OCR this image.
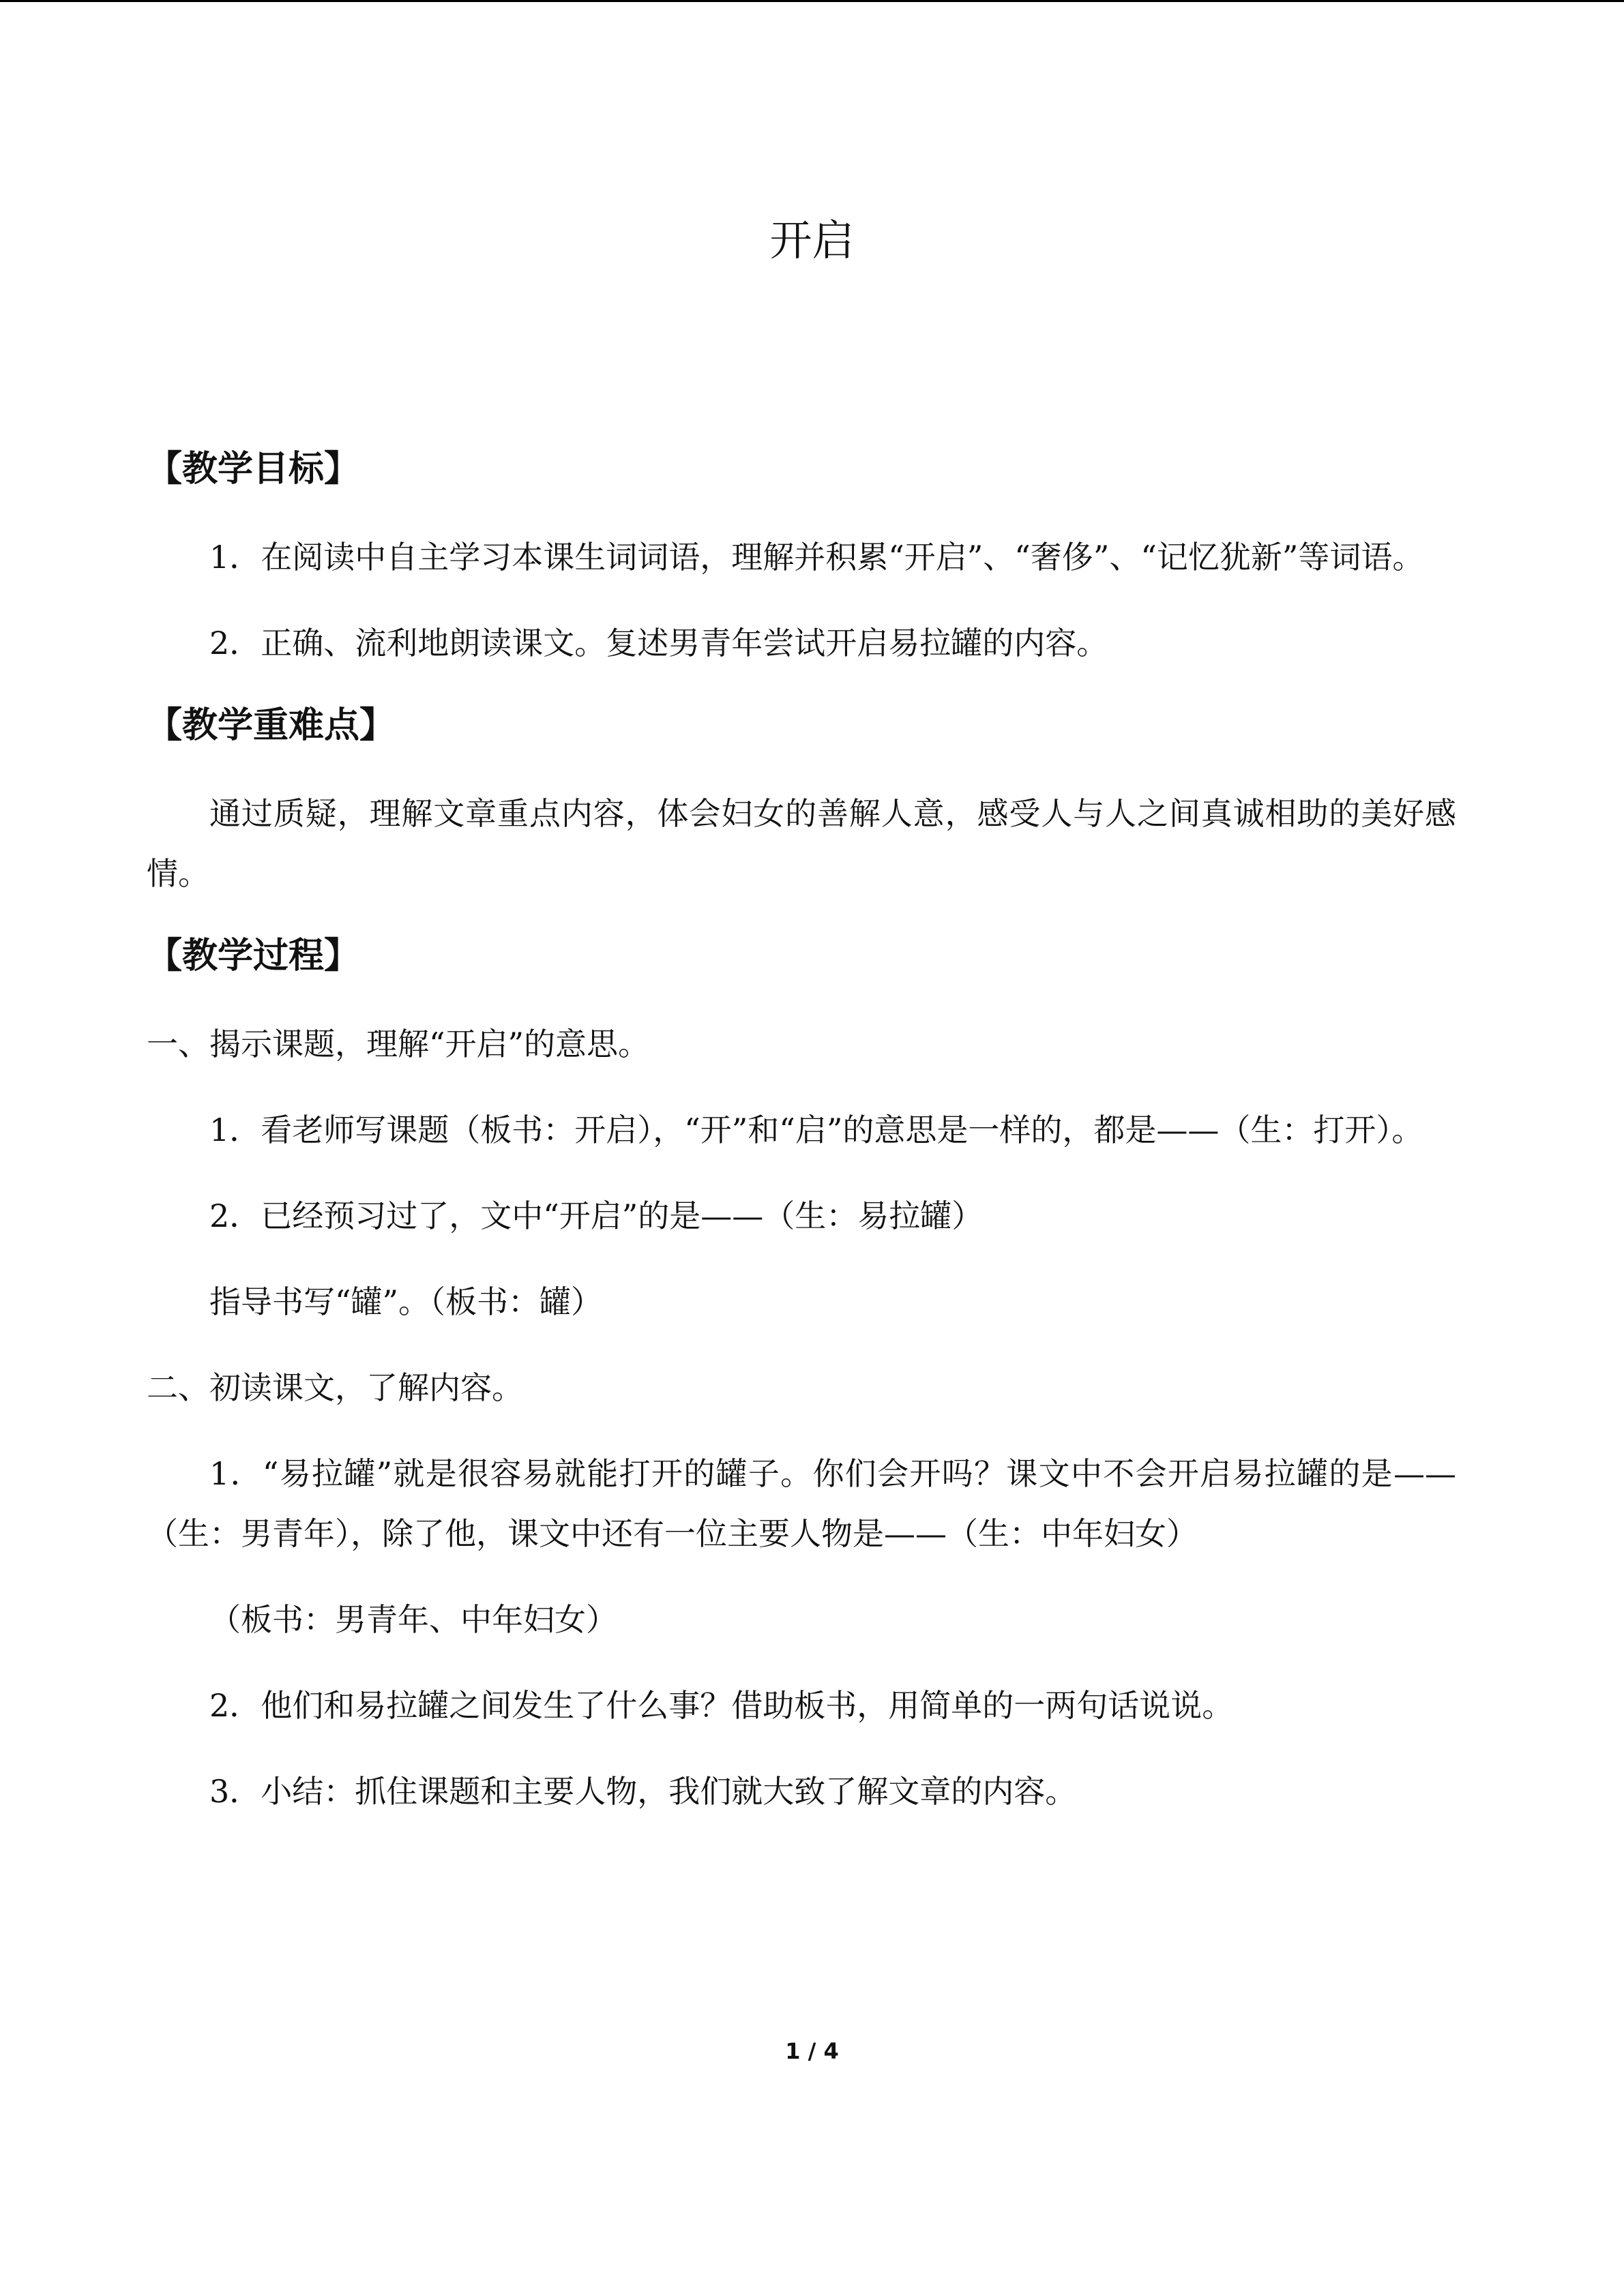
开启
【教学目标】

1．在阅读中自主学习本课生词词语，理解并积累“开启”、“奢侈”、“记忆犹新”等词语。

2．正确、流利地朗读课文。复述男青年尝试开启易拉罐的内容。

【教学重难点】

通过质疑，理解文章重点内容，体会妇女的善解人意，感受人与人之间真诚相助的美好感情。

【教学过程】

一、揭示课题，理解“开启”的意思。

1．看老师写课题（板书：开启），“开”和“启”的意思是一样的，都是——（生：打开）。

2．已经预习过了，文中“开启”的是——（生：易拉罐）

指导书写“罐”。（板书：罐）

二、初读课文，了解内容。

1．“易拉罐”就是很容易就能打开的罐子。你们会开吗？课文中不会开启易拉罐的是——（生：男青年），除了他，课文中还有一位主要人物是——（生：中年妇女）

（板书：男青年、中年妇女）

2．他们和易拉罐之间发生了什么事？借助板书，用简单的一两句话说说。

3．小结：抓住课题和主要人物，我们就大致了解文章的内容。

1 / 4
